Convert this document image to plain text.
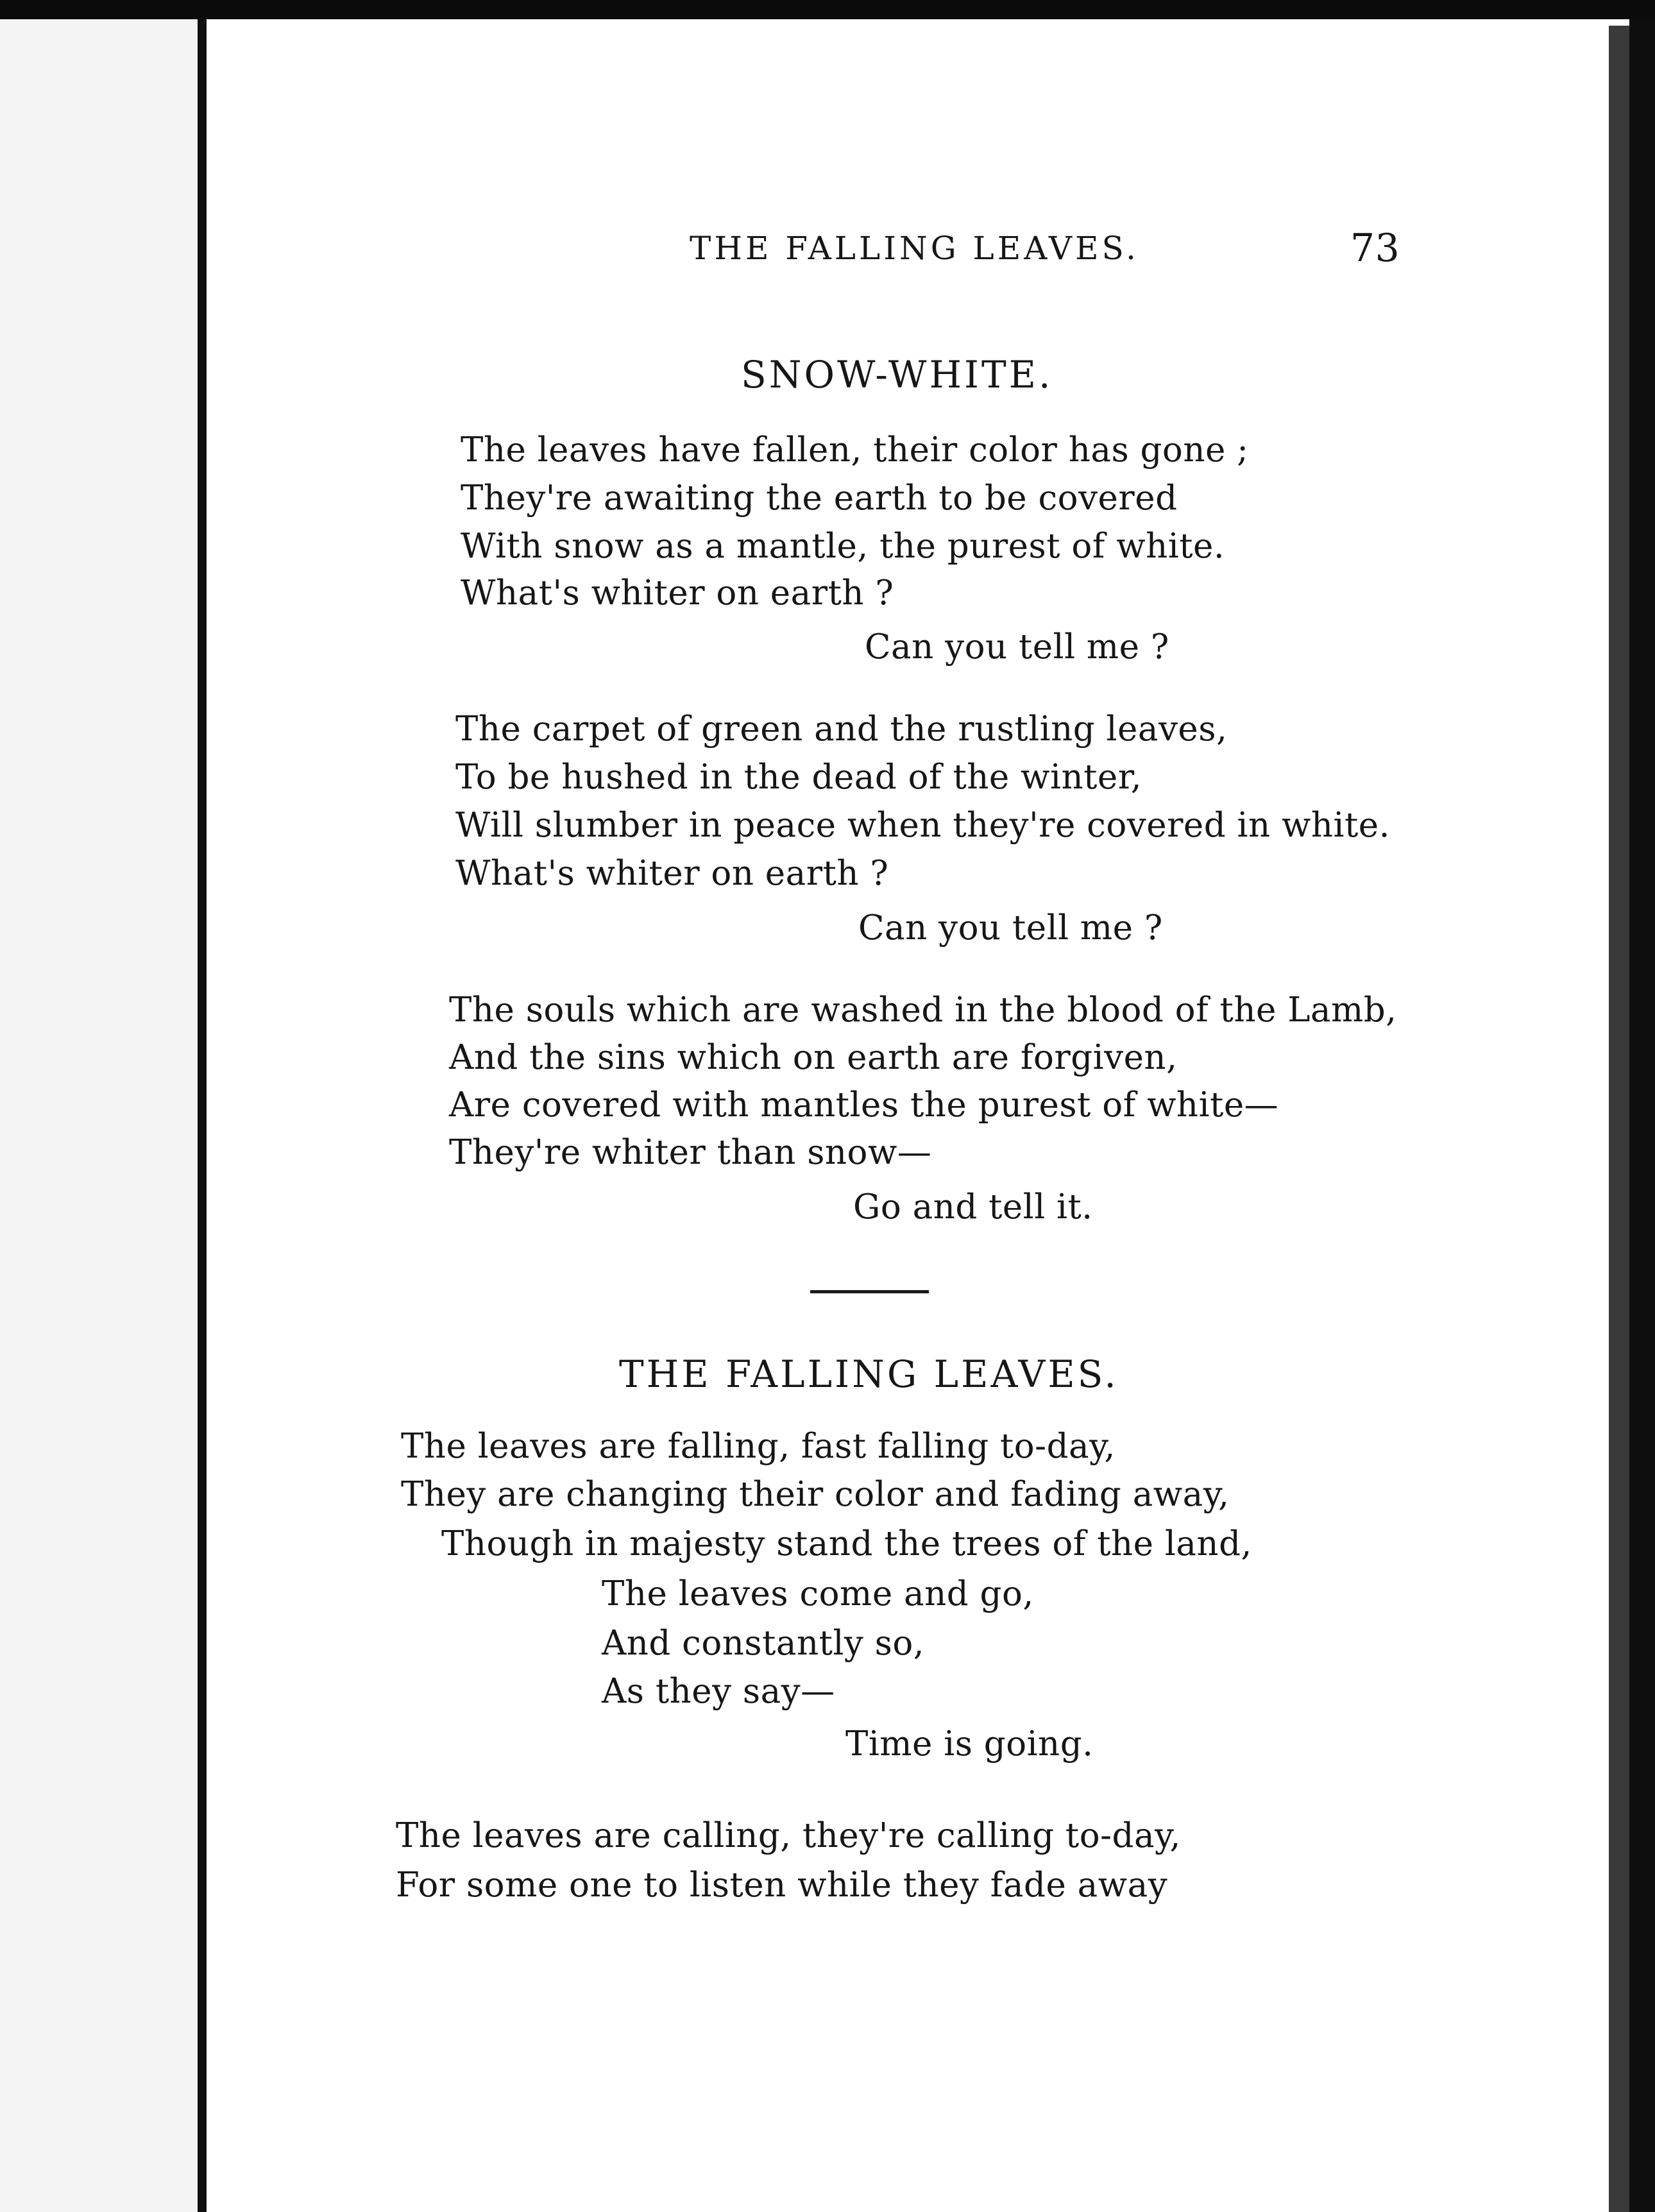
THE FALLING LEAVES.	73
SNOW-WHITE.
The leaves have fallen, their color has gone ;
They're awaiting the earth to be covered
With snow as a mantle, the purest of white.
What's whiter on earth ?
Can you tell me ?
The carpet of green and the rustling leaves,
To be hushed in the dead of the winter,
Will slumber in peace when they're covered in white.
What's whiter on earth ?
Can you tell me ?
The souls which are washed in the blood of the Lamb,
And the sins which on earth are forgiven,
Are covered with mantles the purest of white—
They're whiter than snow—
Go and tell it.
THE FALLING LEAVES.
The leaves are falling, fast falling to-day,
They are changing their color and fading away,
Though in majesty stand the trees of the land,
The leaves come and go,
And constantly so,
As they say—
Time is going.
The leaves are calling, they're calling to-day,
For some one to listen while they fade away
